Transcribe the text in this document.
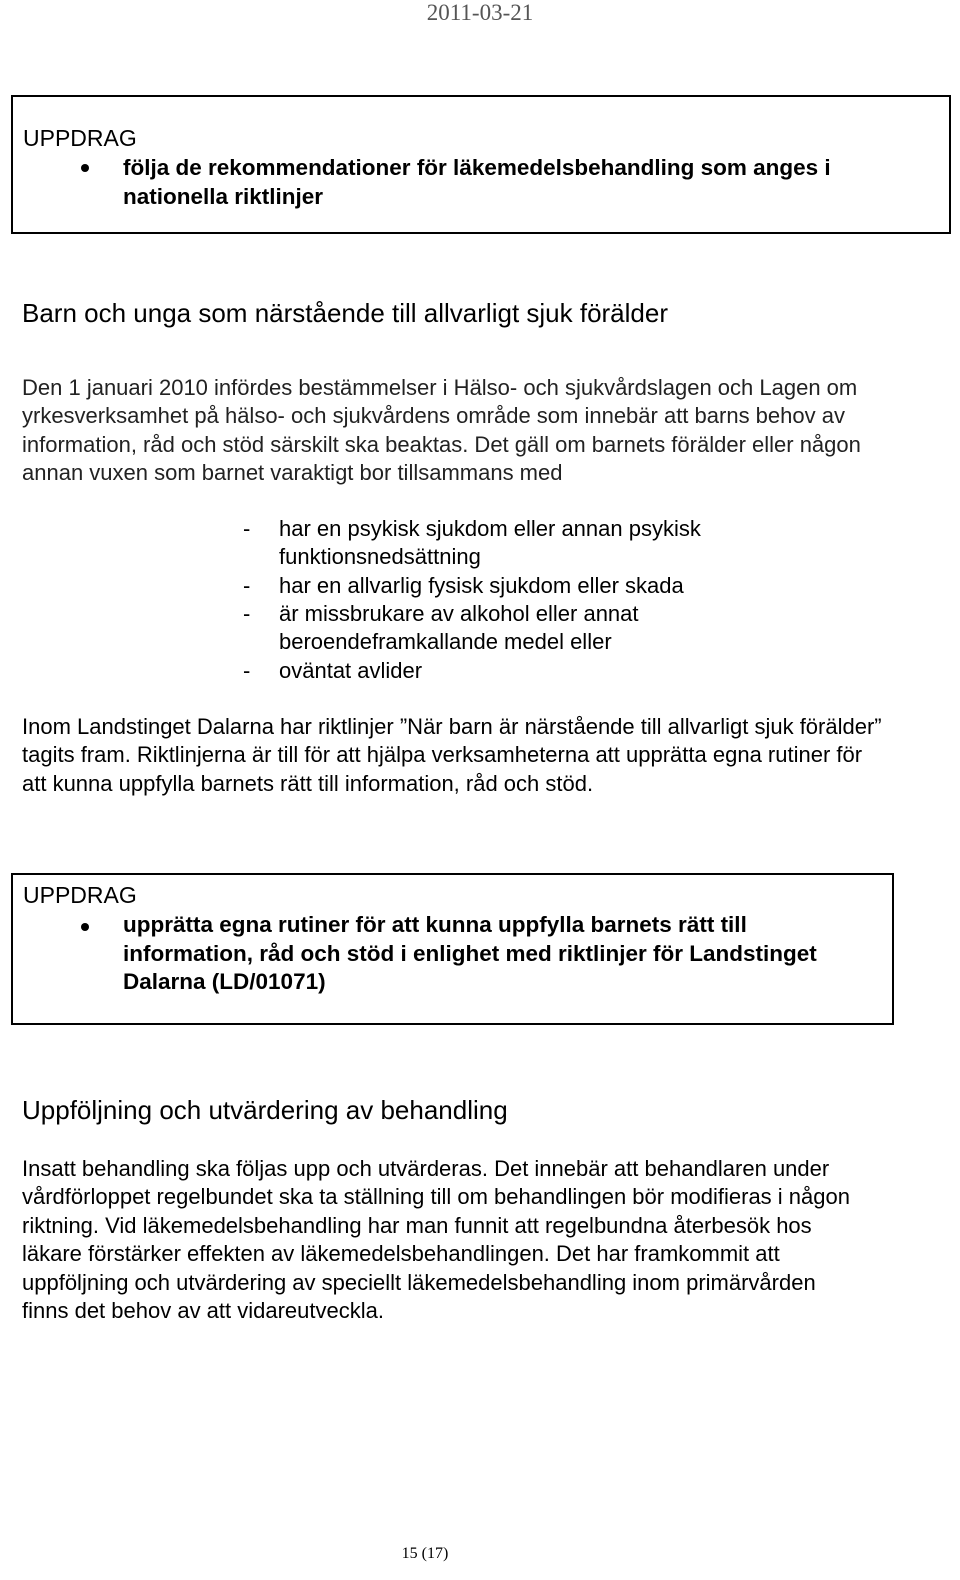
2011-03-21
UPPDRAG
följa de rekommendationer för läkemedelsbehandling som anges i nationella riktlinjer
Barn och unga som närstående till allvarligt sjuk förälder
Den 1 januari 2010 infördes bestämmelser i Hälso- och sjukvårdslagen och Lagen om yrkesverksamhet på hälso- och sjukvårdens område som innebär att barns behov av information, råd och stöd särskilt ska beaktas. Det gäll om barnets förälder eller någon annan vuxen som barnet varaktigt bor tillsammans med
- har en psykisk sjukdom eller annan psykisk funktionsnedsättning
- har en allvarlig fysisk sjukdom eller skada
- är missbrukare av alkohol eller annat beroendeframkallande medel eller
- oväntat avlider
Inom Landstinget Dalarna har riktlinjer ”När barn är närstående till allvarligt sjuk förälder” tagits fram. Riktlinjerna är till för att hjälpa verksamheterna att upprätta egna rutiner för att kunna uppfylla barnets rätt till information, råd och stöd.
UPPDRAG
upprätta egna rutiner för att kunna uppfylla barnets rätt till information, råd och stöd i enlighet med riktlinjer för Landstinget Dalarna (LD/01071)
Uppföljning och utvärdering av behandling
Insatt behandling ska följas upp och utvärderas. Det innebär att behandlaren under vårdförloppet regelbundet ska ta ställning till om behandlingen bör modifieras i någon riktning. Vid läkemedelsbehandling har man funnit att regelbundna återbesök hos läkare förstärker effekten av läkemedelsbehandlingen. Det har framkommit att uppföljning och utvärdering av speciellt läkemedelsbehandling inom primärvården finns det behov av att vidareutveckla.
15 (17)
